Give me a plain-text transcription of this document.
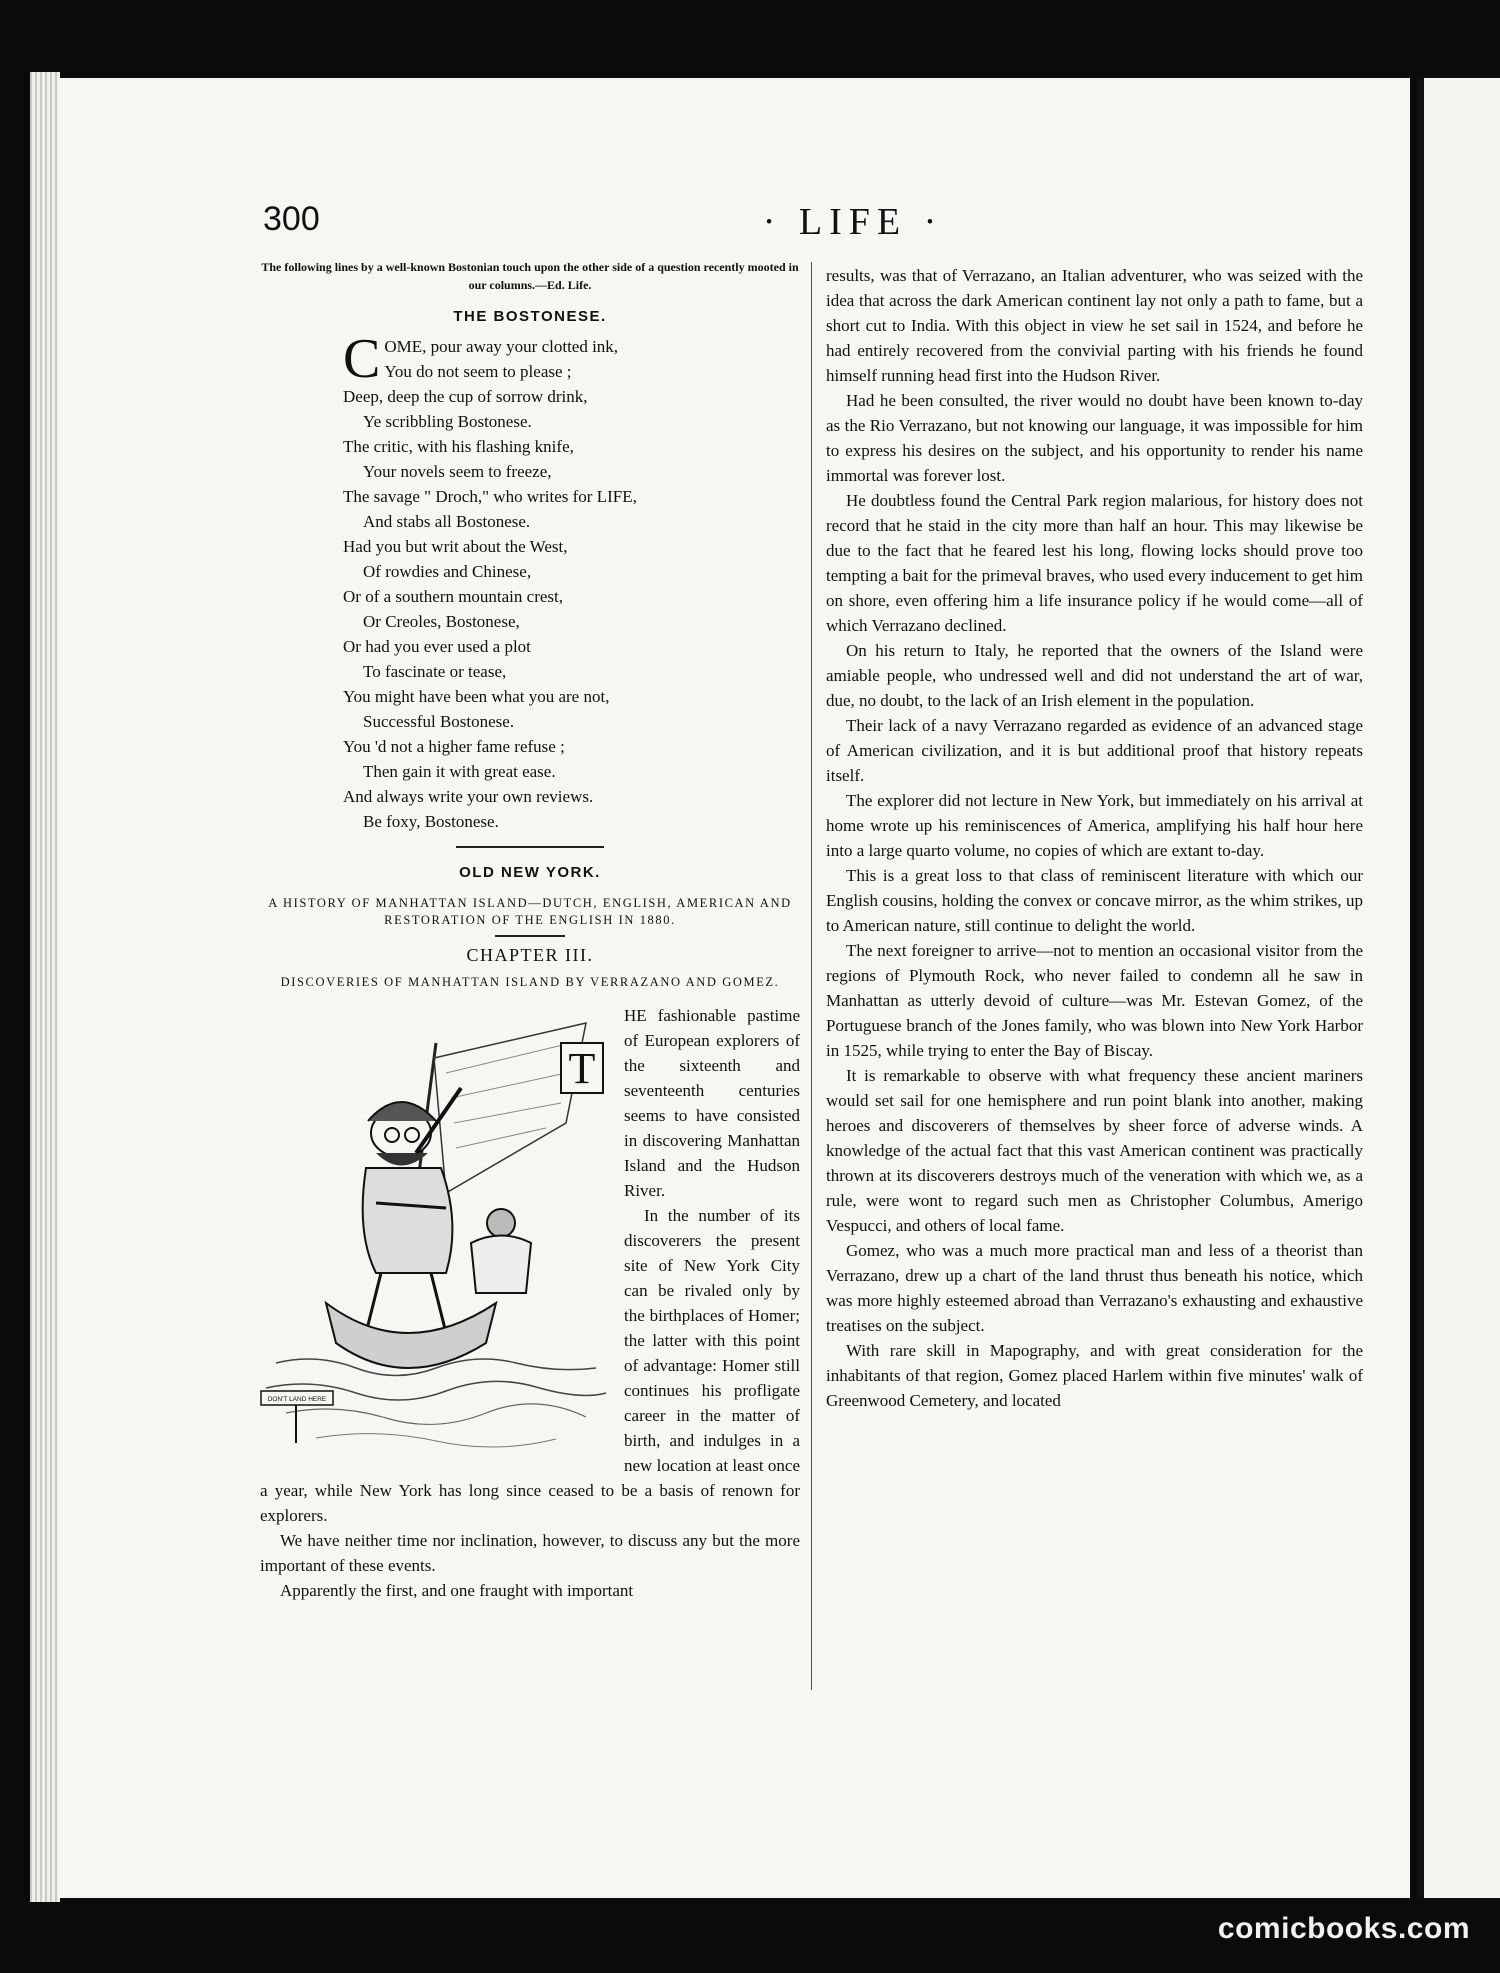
300	· LIFE ·
The following lines by a well-known Bostonian touch upon the other side of a question recently mooted in our columns.—Ed. Life.
THE BOSTONESE.
COME, pour away your clotted ink,
You do not seem to please ;
Deep, deep the cup of sorrow drink,
Ye scribbling Bostonese.
The critic, with his flashing knife,
Your novels seem to freeze,
The savage " Droch," who writes for LIFE,
And stabs all Bostonese.
Had you but writ about the West,
Of rowdies and Chinese,
Or of a southern mountain crest,
Or Creoles, Bostonese,
Or had you ever used a plot
To fascinate or tease,
You might have been what you are not,
Successful Bostonese.
You 'd not a higher fame refuse ;
Then gain it with great ease.
And always write your own reviews.
Be foxy, Bostonese.
OLD NEW YORK.
A HISTORY OF MANHATTAN ISLAND—DUTCH, ENGLISH, AMERICAN AND RESTORATION OF THE ENGLISH IN 1880.
CHAPTER III.
DISCOVERIES OF MANHATTAN ISLAND BY VERRAZANO AND GOMEZ.
T
DON'T LAND HERE

HE fashionable pastime of European explorers of the sixteenth and seventeenth centuries seems to have consisted in discovering Manhattan Island and the Hudson River.

In the number of its discoverers the present site of New York City can be rivaled only by the birthplaces of Homer; the latter with this point of advantage: Homer still continues his profligate career in the matter of birth, and indulges in a new location at least once a year, while New York has long since ceased to be a basis of renown for explorers.

We have neither time nor inclination, however, to discuss any but the more important of these events.

Apparently the first, and one fraught with important

results, was that of Verrazano, an Italian adventurer, who was seized with the idea that across the dark American continent lay not only a path to fame, but a short cut to India. With this object in view he set sail in 1524, and before he had entirely recovered from the convivial parting with his friends he found himself running head first into the Hudson River.

Had he been consulted, the river would no doubt have been known to-day as the Rio Verrazano, but not knowing our language, it was impossible for him to express his desires on the subject, and his opportunity to render his name immortal was forever lost.

He doubtless found the Central Park region malarious, for history does not record that he staid in the city more than half an hour. This may likewise be due to the fact that he feared lest his long, flowing locks should prove too tempting a bait for the primeval braves, who used every inducement to get him on shore, even offering him a life insurance policy if he would come—all of which Verrazano declined.

On his return to Italy, he reported that the owners of the Island were amiable people, who undressed well and did not understand the art of war, due, no doubt, to the lack of an Irish element in the population.

Their lack of a navy Verrazano regarded as evidence of an advanced stage of American civilization, and it is but additional proof that history repeats itself.

The explorer did not lecture in New York, but immediately on his arrival at home wrote up his reminiscences of America, amplifying his half hour here into a large quarto volume, no copies of which are extant to-day.

This is a great loss to that class of reminiscent literature with which our English cousins, holding the convex or concave mirror, as the whim strikes, up to American nature, still continue to delight the world.

The next foreigner to arrive—not to mention an occasional visitor from the regions of Plymouth Rock, who never failed to condemn all he saw in Manhattan as utterly devoid of culture—was Mr. Estevan Gomez, of the Portuguese branch of the Jones family, who was blown into New York Harbor in 1525, while trying to enter the Bay of Biscay.

It is remarkable to observe with what frequency these ancient mariners would set sail for one hemisphere and run point blank into another, making heroes and discoverers of themselves by sheer force of adverse winds. A knowledge of the actual fact that this vast American continent was practically thrown at its discoverers destroys much of the veneration with which we, as a rule, were wont to regard such men as Christopher Columbus, Amerigo Vespucci, and others of local fame.

Gomez, who was a much more practical man and less of a theorist than Verrazano, drew up a chart of the land thrust thus beneath his notice, which was more highly esteemed abroad than Verrazano's exhausting and exhaustive treatises on the subject.

With rare skill in Mapography, and with great consideration for the inhabitants of that region, Gomez placed Harlem within five minutes' walk of Greenwood Cemetery, and located

comicbooks.com
